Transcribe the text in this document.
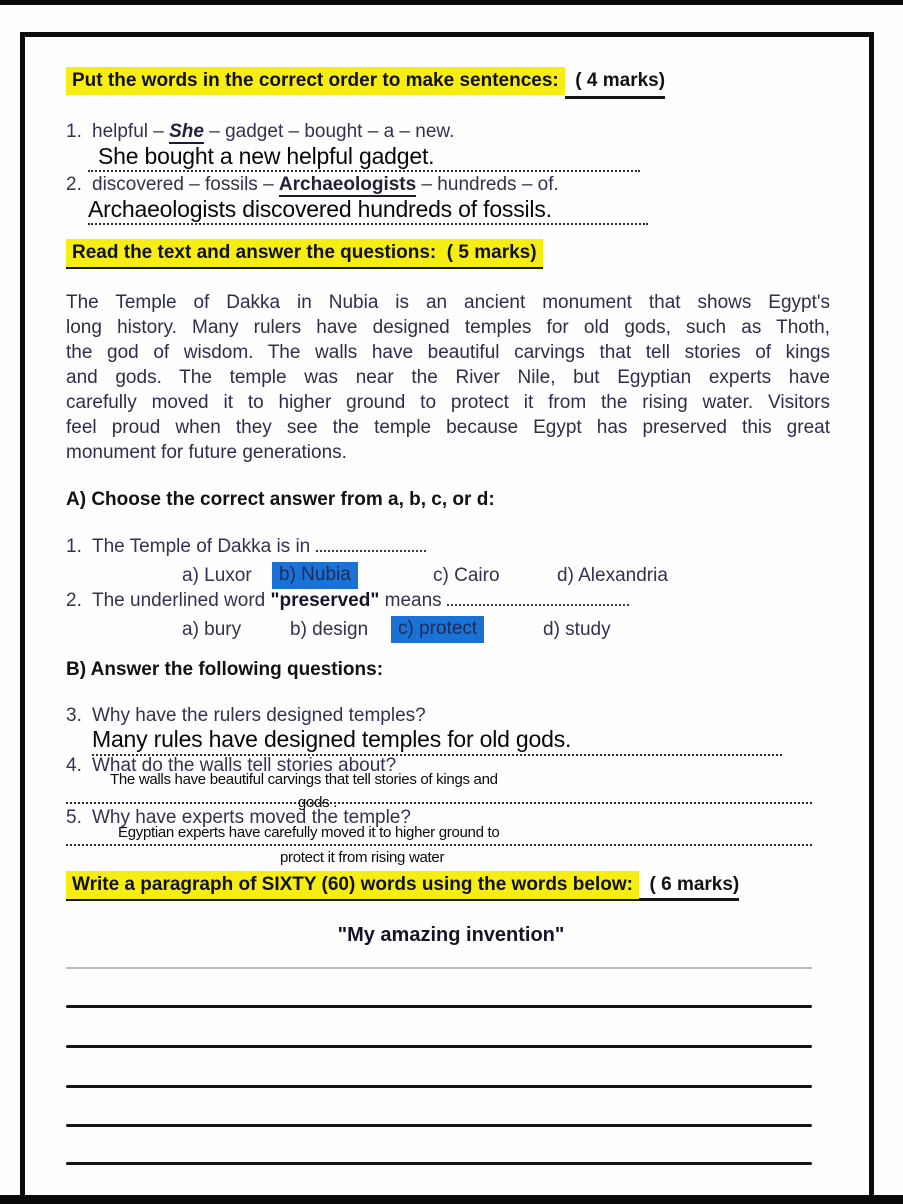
Put the words in the correct order to make sentences:  ( 4 marks)
1. helpful – She – gadget – bought – a – new.
She bought a new helpful gadget.
2. discovered – fossils – Archaeologists – hundreds – of.
Archaeologists discovered hundreds of fossils.
Read the text and answer the questions:  ( 5 marks)
The Temple of Dakka in Nubia is an ancient monument that shows Egypt's
long history. Many rulers have designed temples for old gods, such as Thoth,
the god of wisdom. The walls have beautiful carvings that tell stories of kings
and gods. The temple was near the River Nile, but Egyptian experts have
carefully moved it to higher ground to protect it from the rising water. Visitors
feel proud when they see the temple because Egypt has preserved this great
monument for future generations.
A) Choose the correct answer from a, b, c, or d:
1. The Temple of Dakka is in
a) Luxor	b) Nubia	c) Cairo	d) Alexandria
2. The underlined word "preserved" means
a) bury	b) design	c) protect	d) study
B) Answer the following questions:
3. Why have the rulers designed temples?
Many rules have designed temples for old gods.
4. What do the walls tell stories about?
The walls have beautiful carvings that tell stories of kings and
gods .
5. Why have experts moved the temple?
Egyptian experts have carefully moved it to higher ground to
protect it from rising water
Write a paragraph of SIXTY (60) words using the words below:  ( 6 marks)
"My amazing invention"
